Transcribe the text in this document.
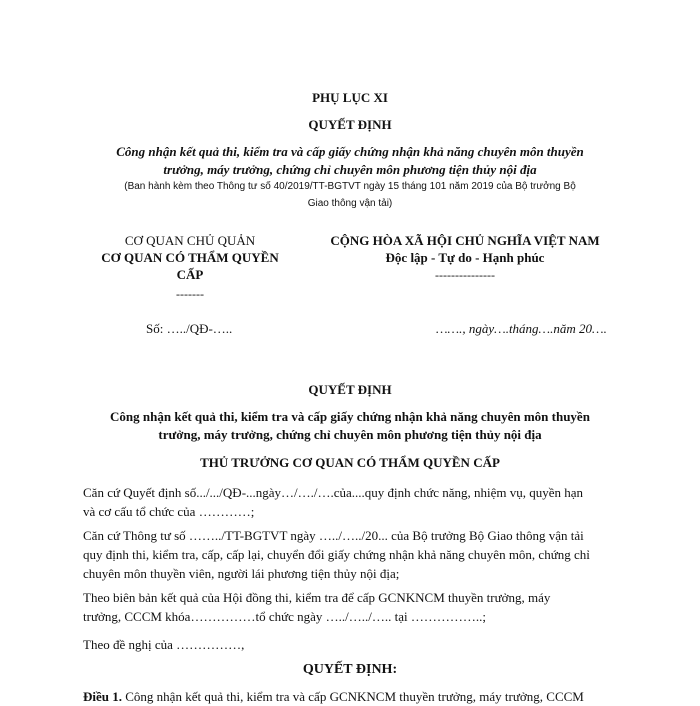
PHỤ LỤC XI
QUYẾT ĐỊNH
Công nhận kết quả thi, kiểm tra và cấp giấy chứng nhận khả năng chuyên môn thuyền
trưởng, máy trưởng, chứng chỉ chuyên môn phương tiện thủy nội địa
(Ban hành kèm theo Thông tư số 40/2019/TT-BGTVT ngày 15 tháng 101 năm 2019 của Bộ trưởng Bộ
Giao thông vận tải)
CƠ QUAN CHỦ QUẢN
CƠ QUAN CÓ THẨM QUYỀN
CẤP
-------
CỘNG HÒA XÃ HỘI CHỦ NGHĨA VIỆT NAM
Độc lập - Tự do - Hạnh phúc
---------------
Số: …../QĐ-…..	……., ngày….tháng….năm 20….
QUYẾT ĐỊNH
Công nhận kết quả thi, kiểm tra và cấp giấy chứng nhận khả năng chuyên môn thuyền
trưởng, máy trưởng, chứng chỉ chuyên môn phương tiện thủy nội địa
THỦ TRƯỞNG CƠ QUAN CÓ THẨM QUYỀN CẤP
Căn cứ Quyết định số.../.../QĐ-...ngày…/…./….của....quy định chức năng, nhiệm vụ, quyền hạn
và cơ cấu tổ chức của …………;
Căn cứ Thông tư số ……../TT-BGTVT ngày …../…../20... của Bộ trưởng Bộ Giao thông vận tải
quy định thi, kiểm tra, cấp, cấp lại, chuyển đổi giấy chứng nhận khả năng chuyên môn, chứng chỉ
chuyên môn thuyền viên, người lái phương tiện thủy nội địa;
Theo biên bản kết quả của Hội đồng thi, kiểm tra để cấp GCNKNCM thuyền trưởng, máy
trưởng, CCCM khóa……………tổ chức ngày …../…../….. tại ……………..;
Theo đề nghị của ……………,
QUYẾT ĐỊNH:
Điều 1. Công nhận kết quả thi, kiểm tra và cấp GCNKNCM thuyền trưởng, máy trưởng, CCCM
